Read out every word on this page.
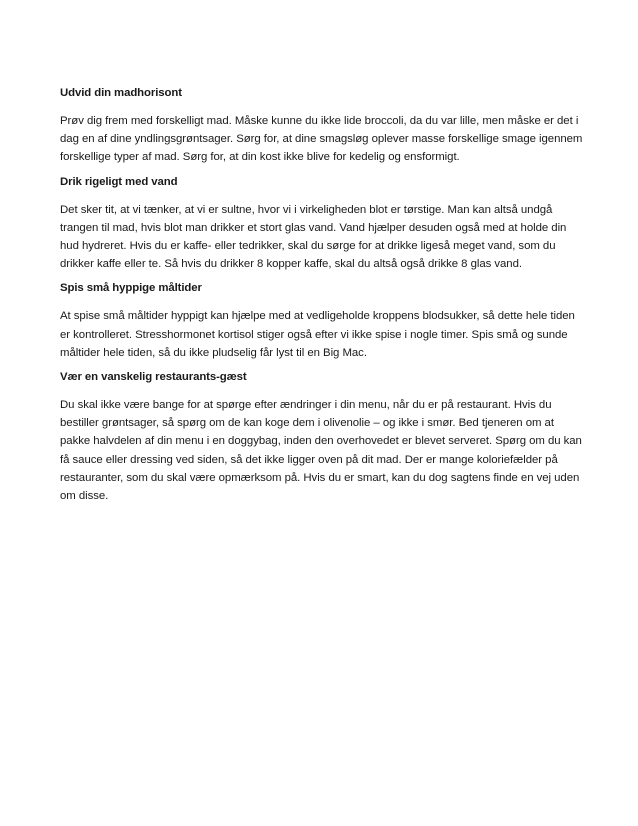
Udvid din madhorisont

Prøv dig frem med forskelligt mad. Måske kunne du ikke lide broccoli, da du var lille, men måske er det i dag en af dine yndlingsgrøntsager. Sørg for, at dine smagsløg oplever masse forskellige smage igennem forskellige typer af mad. Sørg for, at din kost ikke blive for kedelig og ensformigt.

Drik rigeligt med vand

Det sker tit, at vi tænker, at vi er sultne, hvor vi i virkeligheden blot er tørstige. Man kan altså undgå trangen til mad, hvis blot man drikker et stort glas vand. Vand hjælper desuden også med at holde din hud hydreret. Hvis du er kaffe- eller tedrikker, skal du sørge for at drikke ligeså meget vand, som du drikker kaffe eller te. Så hvis du drikker 8 kopper kaffe, skal du altså også drikke 8 glas vand.

Spis små hyppige måltider

At spise små måltider hyppigt kan hjælpe med at vedligeholde kroppens blodsukker, så dette hele tiden er kontrolleret. Stresshormonet kortisol stiger også efter vi ikke spise i nogle timer. Spis små og sunde måltider hele tiden, så du ikke pludselig får lyst til en Big Mac.

Vær en vanskelig restaurants-gæst

Du skal ikke være bange for at spørge efter ændringer i din menu, når du er på restaurant. Hvis du bestiller grøntsager, så spørg om de kan koge dem i olivenolie – og ikke i smør. Bed tjeneren om at pakke halvdelen af din menu i en doggybag, inden den overhovedet er blevet serveret. Spørg om du kan få sauce eller dressing ved siden, så det ikke ligger oven på dit mad. Der er mange koloriefælder på restauranter, som du skal være opmærksom på. Hvis du er smart, kan du dog sagtens finde en vej uden om disse.
